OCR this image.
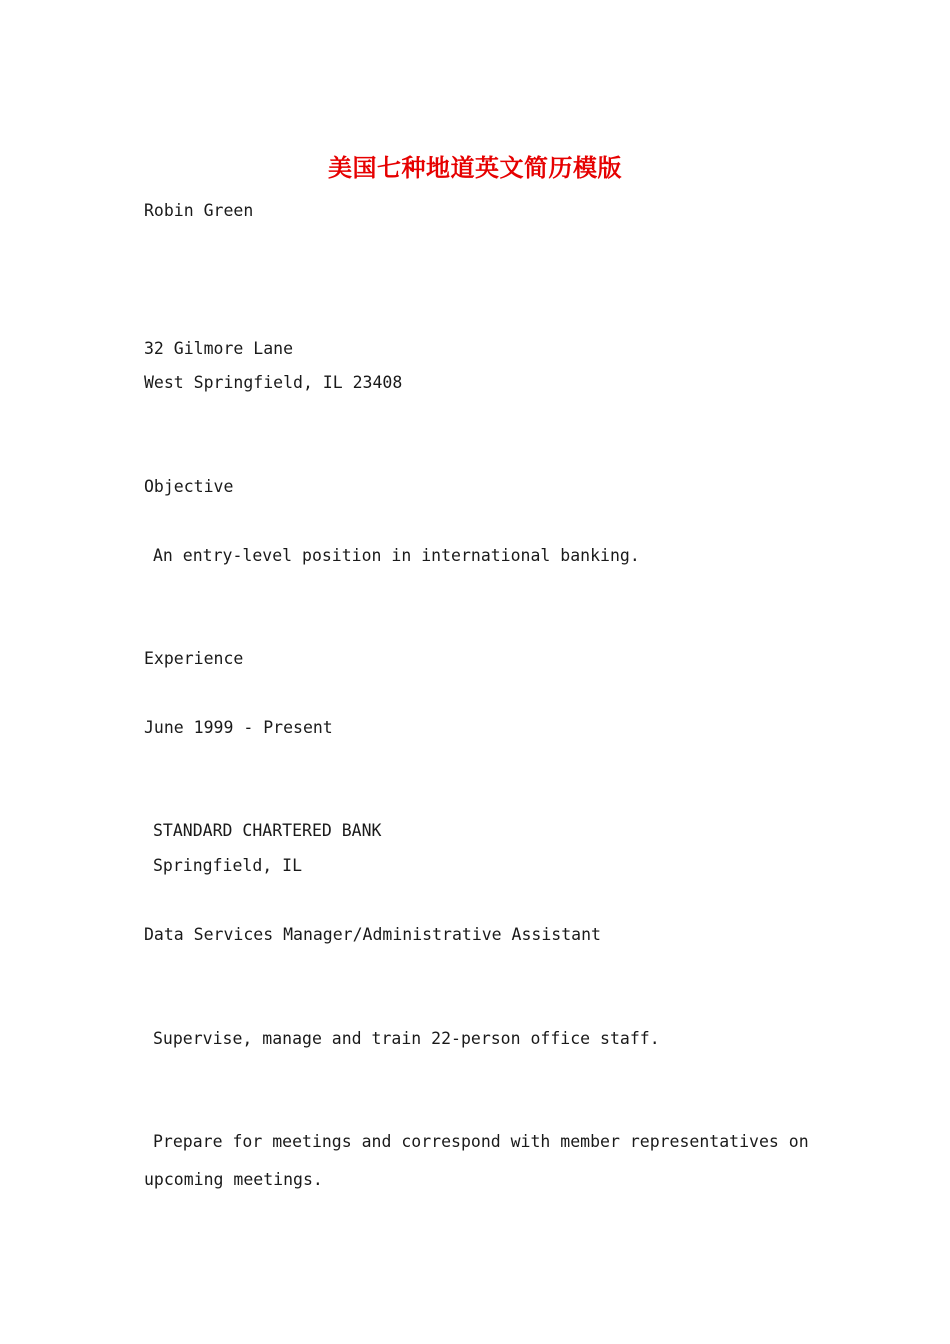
美国七种地道英文简历模版

Robin Green

32 Gilmore Lane

West Springfield, IL 23408

Objective

An entry-level position in international banking.

Experience

June 1999 - Present

STANDARD CHARTERED BANK

Springfield, IL

Data Services Manager/Administrative Assistant

Supervise, manage and train 22-person office staff.

Prepare for meetings and correspond with member representatives on

upcoming meetings.
